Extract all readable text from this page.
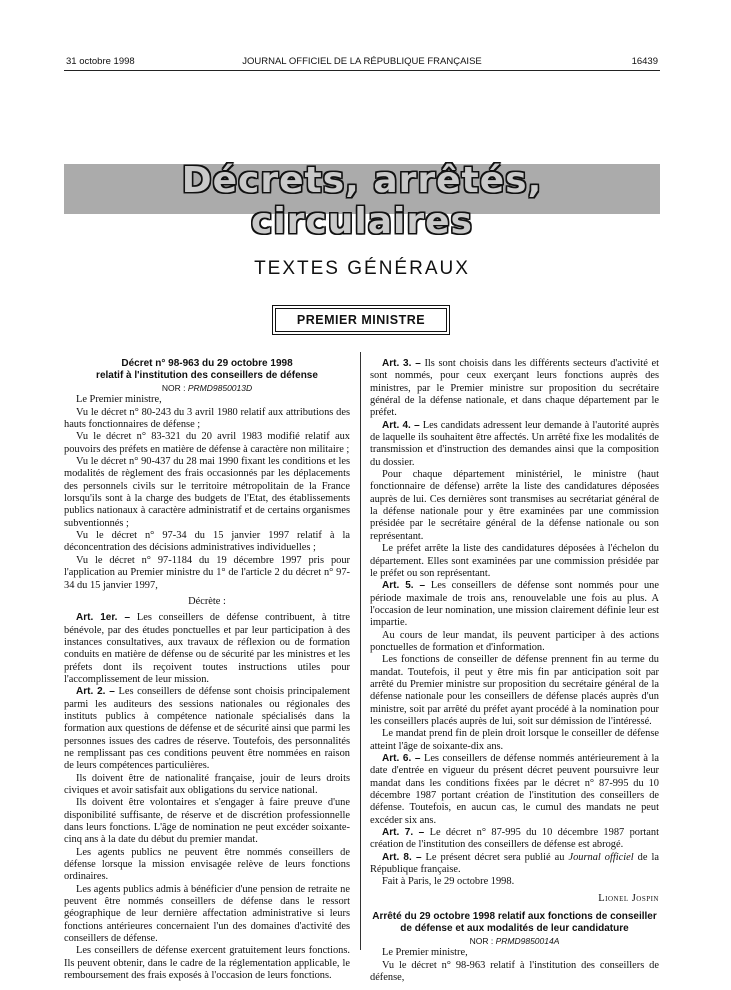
31 octobre 1998	JOURNAL OFFICIEL DE LA RÉPUBLIQUE FRANÇAISE	16439
Décrets, arrêtés, circulaires
TEXTES GÉNÉRAUX
PREMIER MINISTRE

Décret n° 98-963 du 29 octobre 1998

relatif à l'institution des conseillers de défense

NOR : PRMD9850013D

Le Premier ministre,

Vu le décret n° 80-243 du 3 avril 1980 relatif aux attributions des hauts fonctionnaires de défense ;

Vu le décret n° 83-321 du 20 avril 1983 modifié relatif aux pouvoirs des préfets en matière de défense à caractère non militaire ;

Vu le décret n° 90-437 du 28 mai 1990 fixant les conditions et les modalités de règlement des frais occasionnés par les déplacements des personnels civils sur le territoire métropolitain de la France lorsqu'ils sont à la charge des budgets de l'Etat, des établissements publics nationaux à caractère administratif et de certains organismes subventionnés ;

Vu le décret n° 97-34 du 15 janvier 1997 relatif à la déconcentration des décisions administratives individuelles ;

Vu le décret n° 97-1184 du 19 décembre 1997 pris pour l'application au Premier ministre du 1° de l'article 2 du décret n° 97-34 du 15 janvier 1997,

Décrète :

Art. 1er. – Les conseillers de défense contribuent, à titre bénévole, par des études ponctuelles et par leur participation à des instances consultatives, aux travaux de réflexion ou de formation conduits en matière de défense ou de sécurité par les ministres et les préfets dont ils reçoivent toutes instructions utiles pour l'accomplissement de leur mission.

Art. 2. – Les conseillers de défense sont choisis principalement parmi les auditeurs des sessions nationales ou régionales des instituts publics à compétence nationale spécialisés dans la formation aux questions de défense et de sécurité ainsi que parmi les personnes issues des cadres de réserve. Toutefois, des personnalités ne remplissant pas ces conditions peuvent être nommées en raison de leurs compétences particulières.

Ils doivent être de nationalité française, jouir de leurs droits civiques et avoir satisfait aux obligations du service national.

Ils doivent être volontaires et s'engager à faire preuve d'une disponibilité suffisante, de réserve et de discrétion professionnelle dans leurs fonctions. L'âge de nomination ne peut excéder soixante-cinq ans à la date du début du premier mandat.

Les agents publics ne peuvent être nommés conseillers de défense lorsque la mission envisagée relève de leurs fonctions ordinaires.

Les agents publics admis à bénéficier d'une pension de retraite ne peuvent être nommés conseillers de défense dans le ressort géographique de leur dernière affectation administrative si leurs fonctions antérieures concernaient l'un des domaines d'activité des conseillers de défense.

Les conseillers de défense exercent gratuitement leurs fonctions. Ils peuvent obtenir, dans le cadre de la réglementation applicable, le remboursement des frais exposés à l'occasion de leurs fonctions.

Art. 3. – Ils sont choisis dans les différents secteurs d'activité et sont nommés, pour ceux exerçant leurs fonctions auprès des ministres, par le Premier ministre sur proposition du secrétaire général de la défense nationale, et dans chaque département par le préfet.

Art. 4. – Les candidats adressent leur demande à l'autorité auprès de laquelle ils souhaitent être affectés. Un arrêté fixe les modalités de transmission et d'instruction des demandes ainsi que la composition du dossier.

Pour chaque département ministériel, le ministre (haut fonctionnaire de défense) arrête la liste des candidatures déposées auprès de lui. Ces dernières sont transmises au secrétariat général de la défense nationale pour y être examinées par une commission présidée par le secrétaire général de la défense nationale ou son représentant.

Le préfet arrête la liste des candidatures déposées à l'échelon du département. Elles sont examinées par une commission présidée par le préfet ou son représentant.

Art. 5. – Les conseillers de défense sont nommés pour une période maximale de trois ans, renouvelable une fois au plus. A l'occasion de leur nomination, une mission clairement définie leur est impartie.

Au cours de leur mandat, ils peuvent participer à des actions ponctuelles de formation et d'information.

Les fonctions de conseiller de défense prennent fin au terme du mandat. Toutefois, il peut y être mis fin par anticipation soit par arrêté du Premier ministre sur proposition du secrétaire général de la défense nationale pour les conseillers de défense placés auprès d'un ministre, soit par arrêté du préfet ayant procédé à la nomination pour les conseillers placés auprès de lui, soit sur démission de l'intéressé.

Le mandat prend fin de plein droit lorsque le conseiller de défense atteint l'âge de soixante-dix ans.

Art. 6. – Les conseillers de défense nommés antérieurement à la date d'entrée en vigueur du présent décret peuvent poursuivre leur mandat dans les conditions fixées par le décret n° 87-995 du 10 décembre 1987 portant création de l'institution des conseillers de défense. Toutefois, en aucun cas, le cumul des mandats ne peut excéder six ans.

Art. 7. – Le décret n° 87-995 du 10 décembre 1987 portant création de l'institution des conseillers de défense est abrogé.

Art. 8. – Le présent décret sera publié au Journal officiel de la République française.

Fait à Paris, le 29 octobre 1998.

Lionel Jospin

Arrêté du 29 octobre 1998 relatif aux fonctions de conseiller de défense et aux modalités de leur candidature

NOR : PRMD9850014A

Le Premier ministre,

Vu le décret n° 98-963 relatif à l'institution des conseillers de défense,
